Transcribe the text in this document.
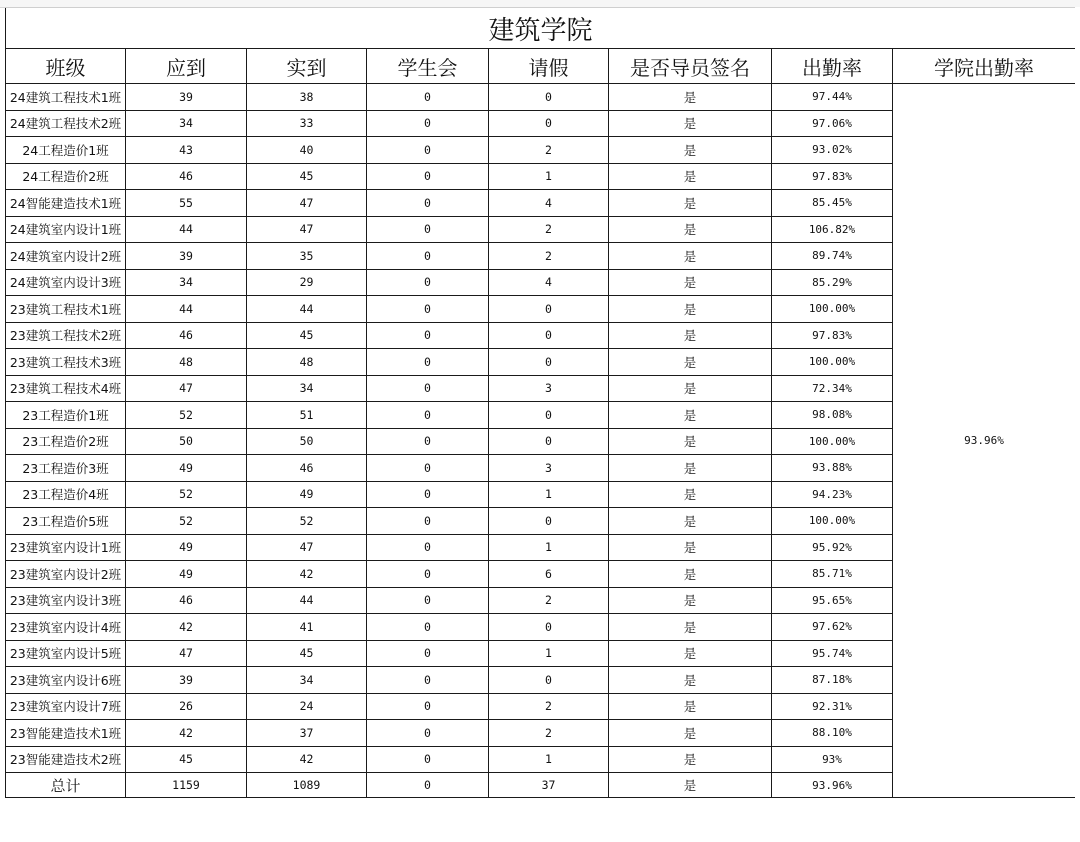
建筑学院							
班级	应到	实到	学生会	请假	是否导员签名	出勤率	学院出勤率
24建筑工程技术1班	39	38	0	0	是	97.44%	93.96%
24建筑工程技术2班	34	33	0	0	是	97.06%	
24工程造价1班	43	40	0	2	是	93.02%	
24工程造价2班	46	45	0	1	是	97.83%	
24智能建造技术1班	55	47	0	4	是	85.45%	
24建筑室内设计1班	44	47	0	2	是	106.82%	
24建筑室内设计2班	39	35	0	2	是	89.74%	
24建筑室内设计3班	34	29	0	4	是	85.29%	
23建筑工程技术1班	44	44	0	0	是	100.00%	
23建筑工程技术2班	46	45	0	0	是	97.83%	
23建筑工程技术3班	48	48	0	0	是	100.00%	
23建筑工程技术4班	47	34	0	3	是	72.34%	
23工程造价1班	52	51	0	0	是	98.08%	
23工程造价2班	50	50	0	0	是	100.00%	
23工程造价3班	49	46	0	3	是	93.88%	
23工程造价4班	52	49	0	1	是	94.23%	
23工程造价5班	52	52	0	0	是	100.00%	
23建筑室内设计1班	49	47	0	1	是	95.92%	
23建筑室内设计2班	49	42	0	6	是	85.71%	
23建筑室内设计3班	46	44	0	2	是	95.65%	
23建筑室内设计4班	42	41	0	0	是	97.62%	
23建筑室内设计5班	47	45	0	1	是	95.74%	
23建筑室内设计6班	39	34	0	0	是	87.18%	
23建筑室内设计7班	26	24	0	2	是	92.31%	
23智能建造技术1班	42	37	0	2	是	88.10%	
23智能建造技术2班	45	42	0	1	是	93%	
总计	1159	1089	0	37	是	93.96%	
